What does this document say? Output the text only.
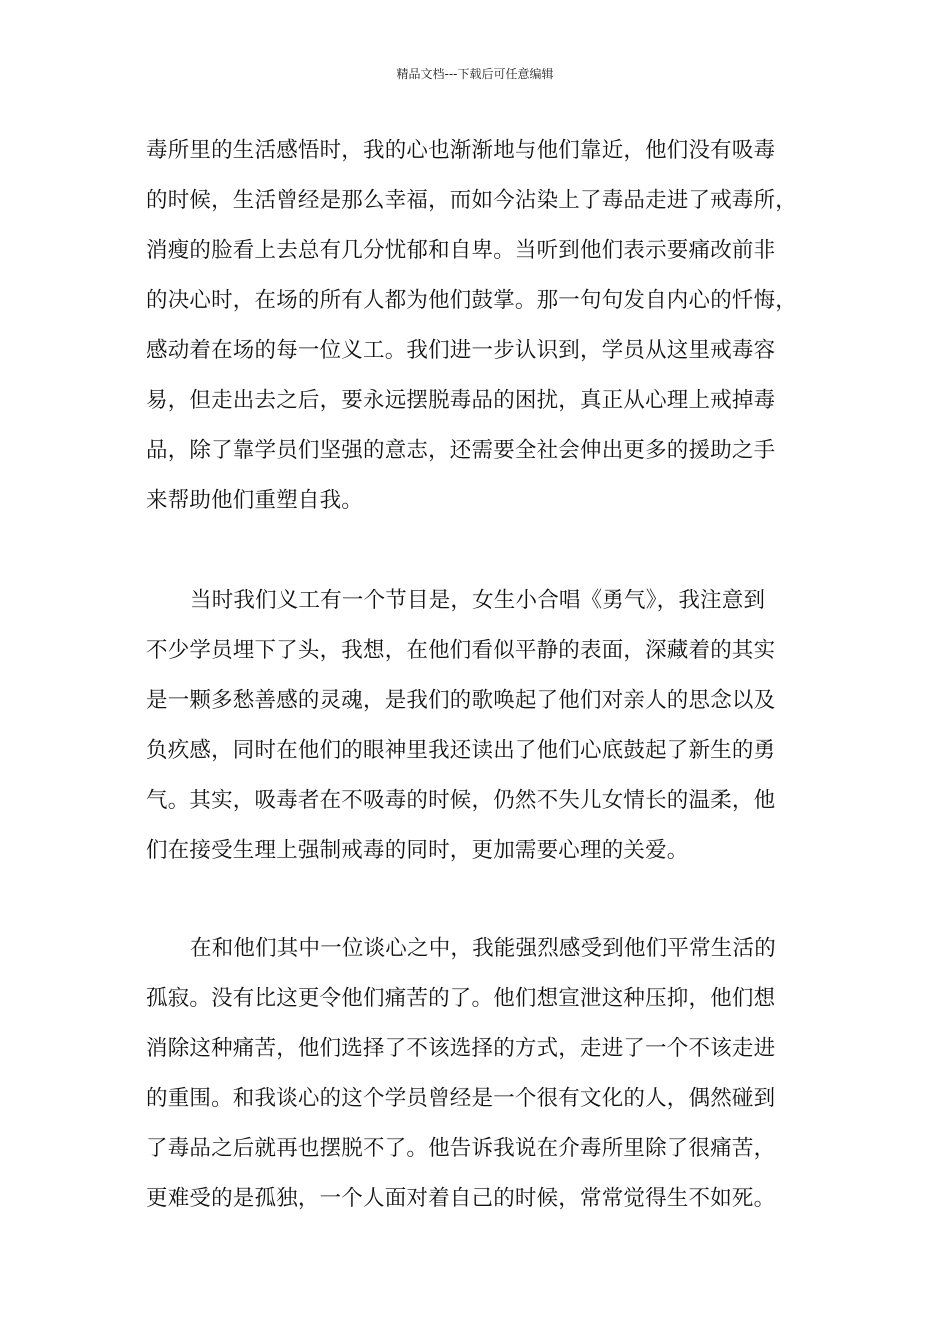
精品文档---下载后可任意编辑
毒所里的生活感悟时，我的心也渐渐地与他们靠近，他们没有吸毒
的时候，生活曾经是那么幸福，而如今沾染上了毒品走进了戒毒所，
消瘦的脸看上去总有几分忧郁和自卑。当听到他们表示要痛改前非
的决心时，在场的所有人都为他们鼓掌。那一句句发自内心的忏悔，
感动着在场的每一位义工。我们进一步认识到，学员从这里戒毒容
易，但走出去之后，要永远摆脱毒品的困扰，真正从心理上戒掉毒
品，除了靠学员们坚强的意志，还需要全社会伸出更多的援助之手
来帮助他们重塑自我。
当时我们义工有一个节目是，女生小合唱《勇气》，我注意到
不少学员埋下了头，我想，在他们看似平静的表面，深藏着的其实
是一颗多愁善感的灵魂，是我们的歌唤起了他们对亲人的思念以及
负疚感，同时在他们的眼神里我还读出了他们心底鼓起了新生的勇
气。其实，吸毒者在不吸毒的时候，仍然不失儿女情长的温柔，他
们在接受生理上强制戒毒的同时，更加需要心理的关爱。
在和他们其中一位谈心之中，我能强烈感受到他们平常生活的
孤寂。没有比这更令他们痛苦的了。他们想宣泄这种压抑，他们想
消除这种痛苦，他们选择了不该选择的方式，走进了一个不该走进
的重围。和我谈心的这个学员曾经是一个很有文化的人，偶然碰到
了毒品之后就再也摆脱不了。他告诉我说在介毒所里除了很痛苦，
更难受的是孤独，一个人面对着自己的时候，常常觉得生不如死。
